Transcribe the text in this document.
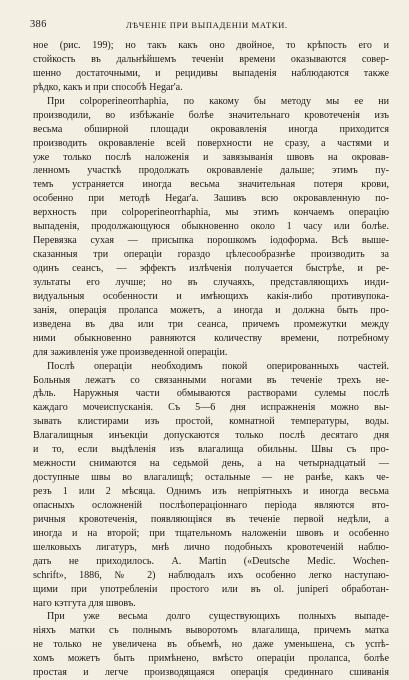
386	ЛѢЧЕНІЕ ПРИ ВЫПАДЕНІИ МАТКИ.
ное (рис. 199); но такъ какъ оно двойное, то крѣпость его и
стойкость въ дальнѣйшемъ теченіи времени оказываются совер-
шенно достаточными, и рецидивы выпаденія наблюдаются также
рѣдко, какъ и при способѣ Hegar'а.
При colpoperineorrhaphia, по какому бы методу мы ее ни
производили, во избѣжаніе болѣе значительнаго кровотеченія изъ
весьма обширной площади окровавленія иногда приходится
производить окровавленіе всей поверхности не сразу, а частями и
уже только послѣ наложенія и завязыванія швовъ на окровав-
ленномъ участкѣ продолжать окровавленіе дальше; этимъ пу-
темъ устраняется иногда весьма значительная потеря крови,
особенно при методѣ Hegar'а. Зашивъ всю окровавленную по-
верхность при colpoperineorrhaphia, мы этимъ кончаемъ операцію
выпаденія, продолжающуюся обыкновенно около 1 часу или болѣе.
Перевязка сухая — присыпка порошкомъ іодоформа. Всѣ выше-
сказанныя три операціи гораздо цѣлесообразнѣе производить за
одинъ сеансъ, — эффектъ излѣченія получается быстрѣе, и ре-
зультаты его лучше; но въ случаяхъ, представляющихъ инди-
видуальныя особенности и имѣющихъ какія-либо противупока-
занія, операція пролапса можетъ, а иногда и должна быть про-
изведена въ два или три сеанса, причемъ промежутки между
ними обыкновенно равняются количеству времени, потребному
для заживленія уже произведенной операціи.
Послѣ операціи необходимъ покой оперированныхъ частей.
Больныя лежатъ со связанными ногами въ теченіе трехъ не-
дѣль. Наружныя части обмываются растворами сулемы послѣ
каждаго мочеиспусканія. Съ 5—6 дня испражненія можно вы-
зывать клистирами изъ простой, комнатной температуры, воды.
Влагалищныя инъекціи допускаются только послѣ десятаго дня
и то, если выдѣленія изъ влагалища обильны. Швы съ про-
межности снимаются на седьмой день, а на четырнадцатый —
доступные швы во влагалищѣ; остальные — не ранѣе, какъ че-
резъ 1 или 2 мѣсяца. Однимъ изъ непріятныхъ и иногда весьма
опасныхъ осложненій послѣопераціоннаго періода являются вто-
ричныя кровотеченія, появляющіяся въ теченіе первой недѣли, а
иногда и на второй; при тщательномъ наложеніи швовъ и особенно
шелковыхъ лигатуръ, мнѣ лично подобныхъ кровотеченій наблю-
дать не приходилось. А. Martin («Deutsche Medic. Wochen-
schrift», 1886, № 2) наблюдалъ ихъ особенно легко наступаю-
щими при употребленіи простого или въ ol. juniperi обработан-
наго кэтгута для швовъ.
При уже весьма долго существующихъ полныхъ выпаде-
ніяхъ матки съ полнымъ выворотомъ влагалища, причемъ матка
не только не увеличена въ объемѣ, но даже уменьшена, съ успѣ-
хомъ можетъ быть примѣнено, вмѣсто операціи пролапса, болѣе
простая и легче производящаяся операція срединнаго сшиванія
